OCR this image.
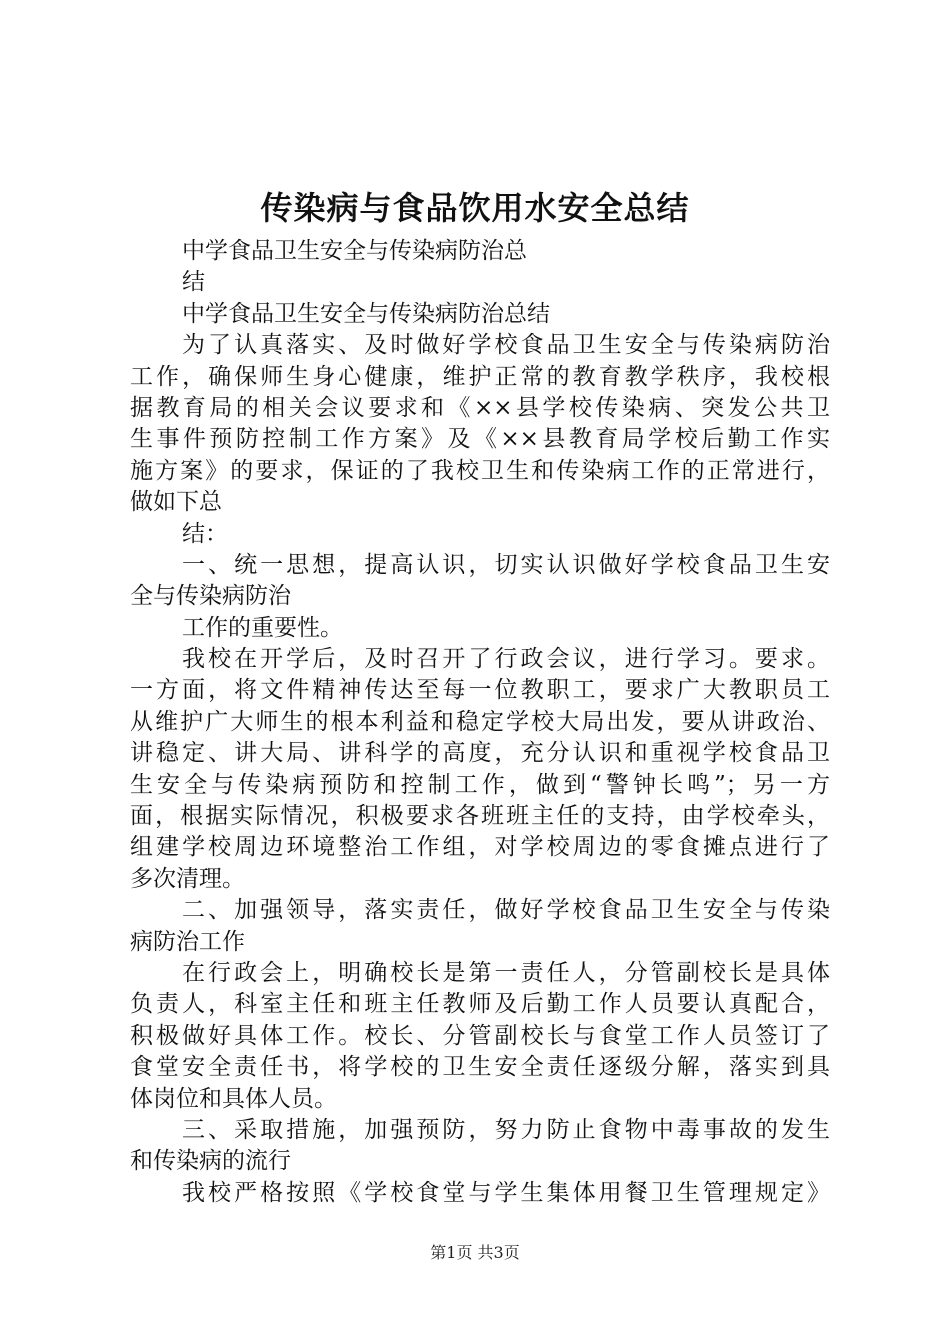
传染病与食品饮用水安全总结
中学食品卫生安全与传染病防治总
结
中学食品卫生安全与传染病防治总结
为了认真落实、及时做好学校食品卫生安全与传染病防治
工作，确保师生身心健康，维护正常的教育教学秩序，我校根
据教育局的相关会议要求和《××县学校传染病、突发公共卫
生事件预防控制工作方案》及《××县教育局学校后勤工作实
施方案》的要求，保证的了我校卫生和传染病工作的正常进行，
做如下总
结：
一、统一思想，提高认识，切实认识做好学校食品卫生安
全与传染病防治
工作的重要性。
我校在开学后，及时召开了行政会议，进行学习。要求。
一方面，将文件精神传达至每一位教职工，要求广大教职员工
从维护广大师生的根本利益和稳定学校大局出发，要从讲政治、
讲稳定、讲大局、讲科学的高度，充分认识和重视学校食品卫
生安全与传染病预防和控制工作，做到“警钟长鸣”；另一方
面，根据实际情况，积极要求各班班主任的支持，由学校牵头，
组建学校周边环境整治工作组，对学校周边的零食摊点进行了
多次清理。
二、加强领导，落实责任，做好学校食品卫生安全与传染
病防治工作
在行政会上，明确校长是第一责任人，分管副校长是具体
负责人，科室主任和班主任教师及后勤工作人员要认真配合，
积极做好具体工作。校长、分管副校长与食堂工作人员签订了
食堂安全责任书，将学校的卫生安全责任逐级分解，落实到具
体岗位和具体人员。
三、采取措施，加强预防，努力防止食物中毒事故的发生
和传染病的流行
我校严格按照《学校食堂与学生集体用餐卫生管理规定》
第1页 共3页
